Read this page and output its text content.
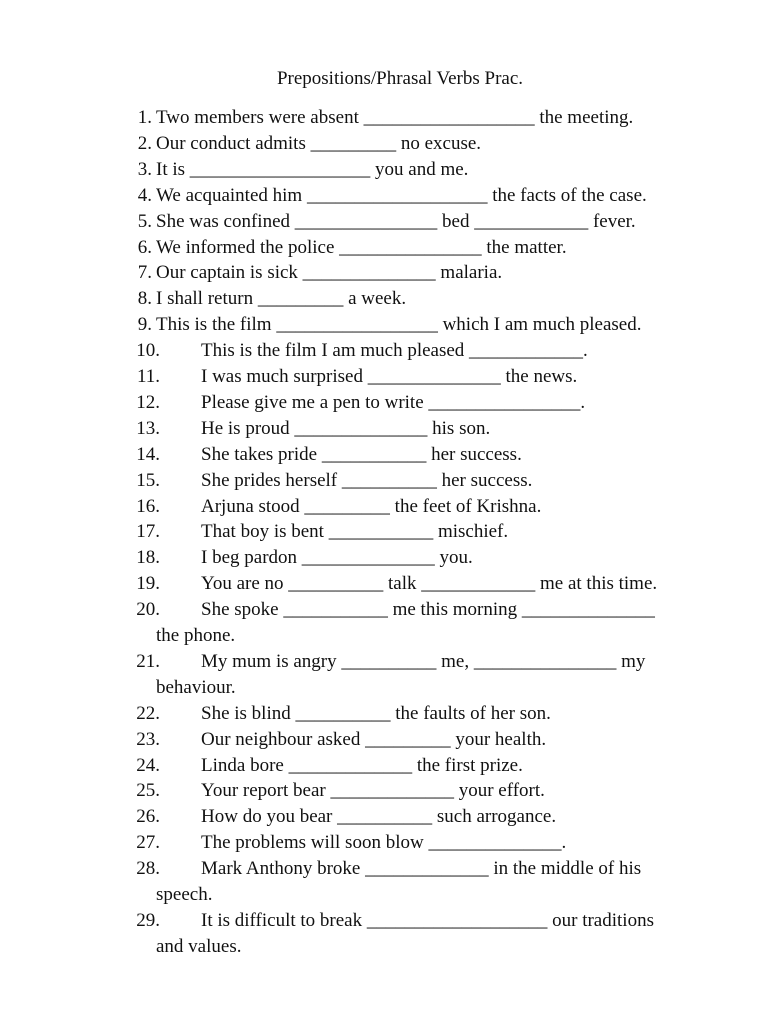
Prepositions/Phrasal Verbs Prac.
1. Two members were absent __________________ the meeting.
2. Our conduct admits _________ no excuse.
3. It is ___________________ you and me.
4. We acquainted him ___________________ the facts of the case.
5. She was confined _______________ bed ____________ fever.
6. We informed the police _______________ the matter.
7. Our captain is sick ______________ malaria.
8. I shall return _________ a week.
9. This is the film _________________ which I am much pleased.
10. This is the film I am much pleased ____________.
11. I was much surprised ______________ the news.
12. Please give me a pen to write ________________.
13. He is proud ______________ his son.
14. She takes pride ___________ her success.
15. She prides herself __________ her success.
16. Arjuna stood _________ the feet of Krishna.
17. That boy is bent ___________ mischief.
18. I beg pardon ______________ you.
19. You are no __________ talk ____________ me at this time.
20. She spoke ___________ me this morning ______________
the phone.
21. My mum is angry __________ me, _______________ my
behaviour.
22. She is blind __________ the faults of her son.
23. Our neighbour asked _________ your health.
24. Linda bore _____________ the first prize.
25. Your report bear _____________ your effort.
26. How do you bear __________ such arrogance.
27. The problems will soon blow ______________.
28. Mark Anthony broke _____________ in the middle of his
speech.
29. It is difficult to break ___________________ our traditions
and values.
